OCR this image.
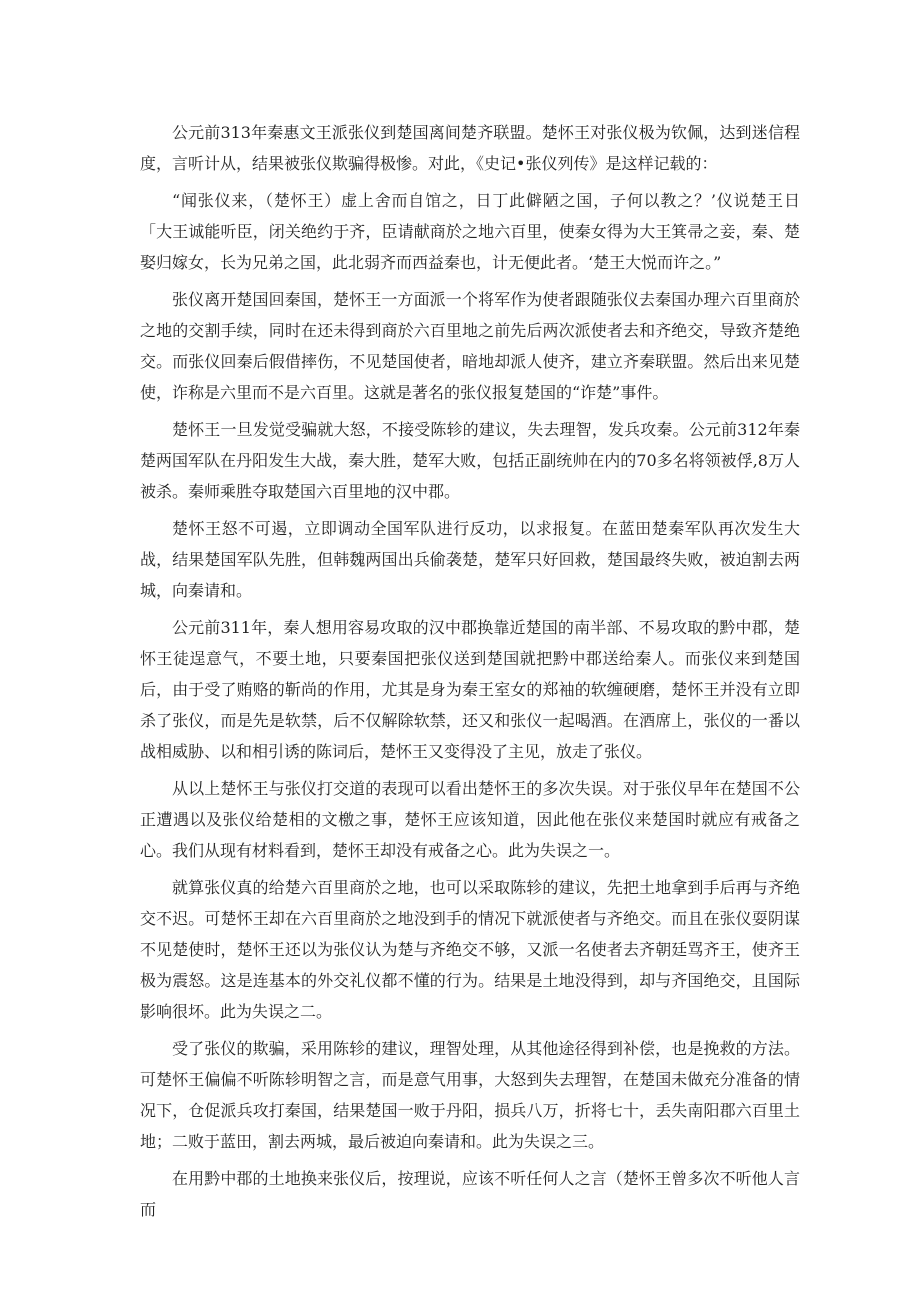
公元前313年秦惠文王派张仪到楚国离间楚齐联盟。楚怀王对张仪极为钦佩，达到迷信程度，言听计从，结果被张仪欺骗得极惨。对此，《史记•张仪列传》是这样记载的：

“闻张仪来，（楚怀王）虚上舍而自馆之，日丁此僻陋之国，子何以教之？’仪说楚王日「大王诚能听臣，闭关绝约于齐，臣请献商於之地六百里，使秦女得为大王箕帚之妾，秦、楚娶归嫁女，长为兄弟之国，此北弱齐而西益秦也，计无便此者。‘楚王大悦而许之。”

张仪离开楚国回秦国，楚怀王一方面派一个将军作为使者跟随张仪去秦国办理六百里商於之地的交割手续，同时在还未得到商於六百里地之前先后两次派使者去和齐绝交，导致齐楚绝交。而张仪回秦后假借摔伤，不见楚国使者，暗地却派人使齐，建立齐秦联盟。然后出来见楚使，诈称是六里而不是六百里。这就是著名的张仪报复楚国的“诈楚”事件。

楚怀王一旦发觉受骗就大怒，不接受陈轸的建议，失去理智，发兵攻秦。公元前312年秦楚两国军队在丹阳发生大战，秦大胜，楚军大败，包括正副统帅在内的70多名将领被俘,8万人被杀。秦师乘胜夺取楚国六百里地的汉中郡。

楚怀王怒不可遏，立即调动全国军队进行反功，以求报复。在蓝田楚秦军队再次发生大战，结果楚国军队先胜，但韩魏两国出兵偷袭楚，楚军只好回救，楚国最终失败，被迫割去两城，向秦请和。

公元前311年，秦人想用容易攻取的汉中郡换靠近楚国的南半部、不易攻取的黔中郡，楚怀王徒逞意气，不要土地，只要秦国把张仪送到楚国就把黔中郡送给秦人。而张仪来到楚国后，由于受了贿赂的靳尚的作用，尤其是身为秦王室女的郑袖的软缠硬磨，楚怀王并没有立即杀了张仪，而是先是软禁，后不仅解除软禁，还又和张仪一起喝酒。在酒席上，张仪的一番以战相威胁、以和相引诱的陈词后，楚怀王又变得没了主见，放走了张仪。

从以上楚怀王与张仪打交道的表现可以看出楚怀王的多次失误。对于张仪早年在楚国不公正遭遇以及张仪给楚相的文檄之事，楚怀王应该知道，因此他在张仪来楚国时就应有戒备之心。我们从现有材料看到，楚怀王却没有戒备之心。此为失误之一。

就算张仪真的给楚六百里商於之地，也可以采取陈轸的建议，先把土地拿到手后再与齐绝交不迟。可楚怀王却在六百里商於之地没到手的情况下就派使者与齐绝交。而且在张仪耍阴谋不见楚使时，楚怀王还以为张仪认为楚与齐绝交不够，又派一名使者去齐朝廷骂齐王，使齐王极为震怒。这是连基本的外交礼仪都不懂的行为。结果是土地没得到，却与齐国绝交，且国际影响很坏。此为失误之二。

受了张仪的欺骗，采用陈轸的建议，理智处理，从其他途径得到补偿，也是挽救的方法。可楚怀王偏偏不听陈轸明智之言，而是意气用事，大怒到失去理智，在楚国未做充分准备的情况下，仓促派兵攻打秦国，结果楚国一败于丹阳，损兵八万，折将七十，丢失南阳郡六百里土地；二败于蓝田，割去两城，最后被迫向秦请和。此为失误之三。

在用黔中郡的土地换来张仪后，按理说，应该不听任何人之言（楚怀王曾多次不听他人言而
